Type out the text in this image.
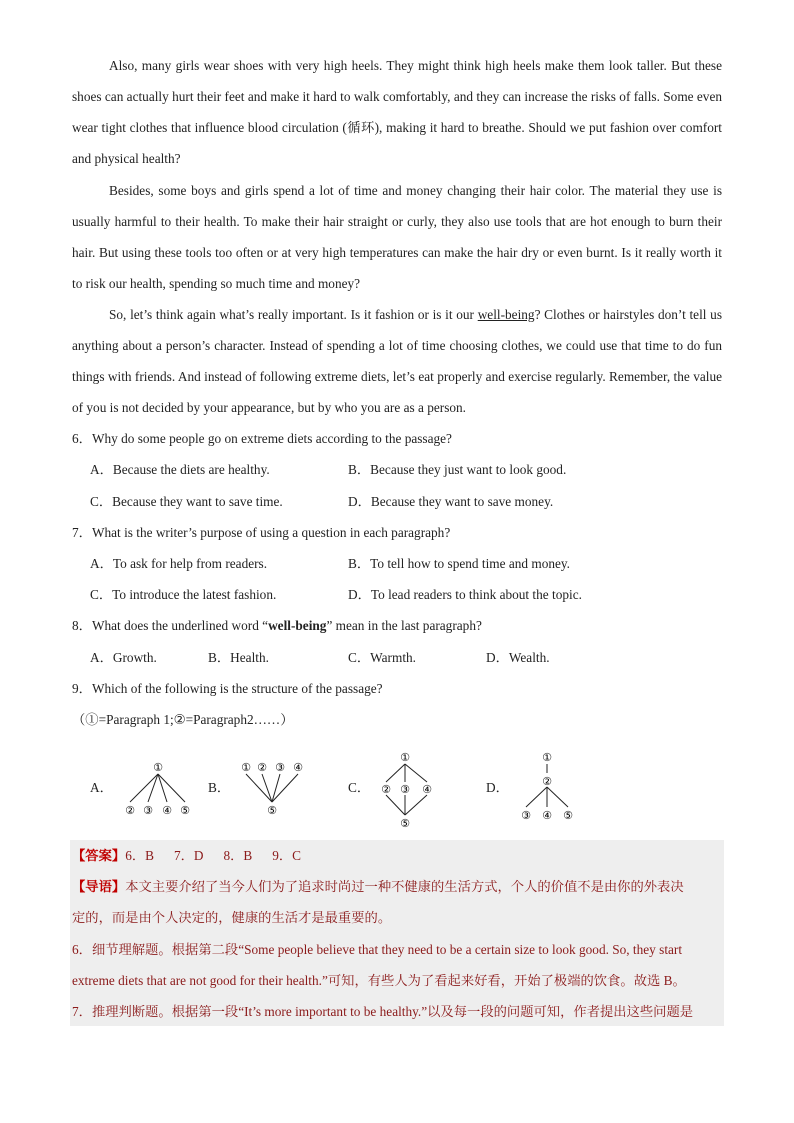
Also, many girls wear shoes with very high heels. They might think high heels make them look taller. But these shoes can actually hurt their feet and make it hard to walk comfortably, and they can increase the risks of falls. Some even wear tight clothes that influence blood circulation (循环), making it hard to breathe. Should we put fashion over comfort and physical health?
Besides, some boys and girls spend a lot of time and money changing their hair color. The material they use is usually harmful to their health. To make their hair straight or curly, they also use tools that are hot enough to burn their hair. But using these tools too often or at very high temperatures can make the hair dry or even burnt. Is it really worth it to risk our health, spending so much time and money?
So, let’s think again what’s really important. Is it fashion or is it our well-being? Clothes or hairstyles don’t tell us anything about a person’s character. Instead of spending a lot of time choosing clothes, we could use that time to do fun things with friends. And instead of following extreme diets, let’s eat properly and exercise regularly. Remember, the value of you is not decided by your appearance, but by who you are as a person.
6．Why do some people go on extreme diets according to the passage?
A．Because the diets are healthy.	B．Because they just want to look good.
C．Because they want to save time.	D．Because they want to save money.
7．What is the writer’s purpose of using a question in each paragraph?
A．To ask for help from readers.	B．To tell how to spend time and money.
C．To introduce the latest fashion.	D．To lead readers to think about the topic.
8．What does the underlined word “well-being” mean in the last paragraph?
A．Growth.	B．Health.	C．Warmth.	D．Wealth.
9．Which of the following is the structure of the passage?
（①=Paragraph 1;②=Paragraph2……）
A．
①
② ③ ④ ⑤
B．
① ② ③ ④
⑤
C．
①
② ③ ④
⑤
D．
①
②
③ ④ ⑤
【答案】6．B      7．D      8．B      9．C
【导语】本文主要介绍了当今人们为了追求时尚过一种不健康的生活方式，个人的价值不是由你的外表决
定的，而是由个人决定的，健康的生活才是最重要的。
6．细节理解题。根据第二段“Some people believe that they need to be a certain size to look good. So, they start
extreme diets that are not good for their health.”可知，有些人为了看起来好看，开始了极端的饮食。故选 B。
7．推理判断题。根据第一段“It’s more important to be healthy.”以及每一段的问题可知，作者提出这些问题是
